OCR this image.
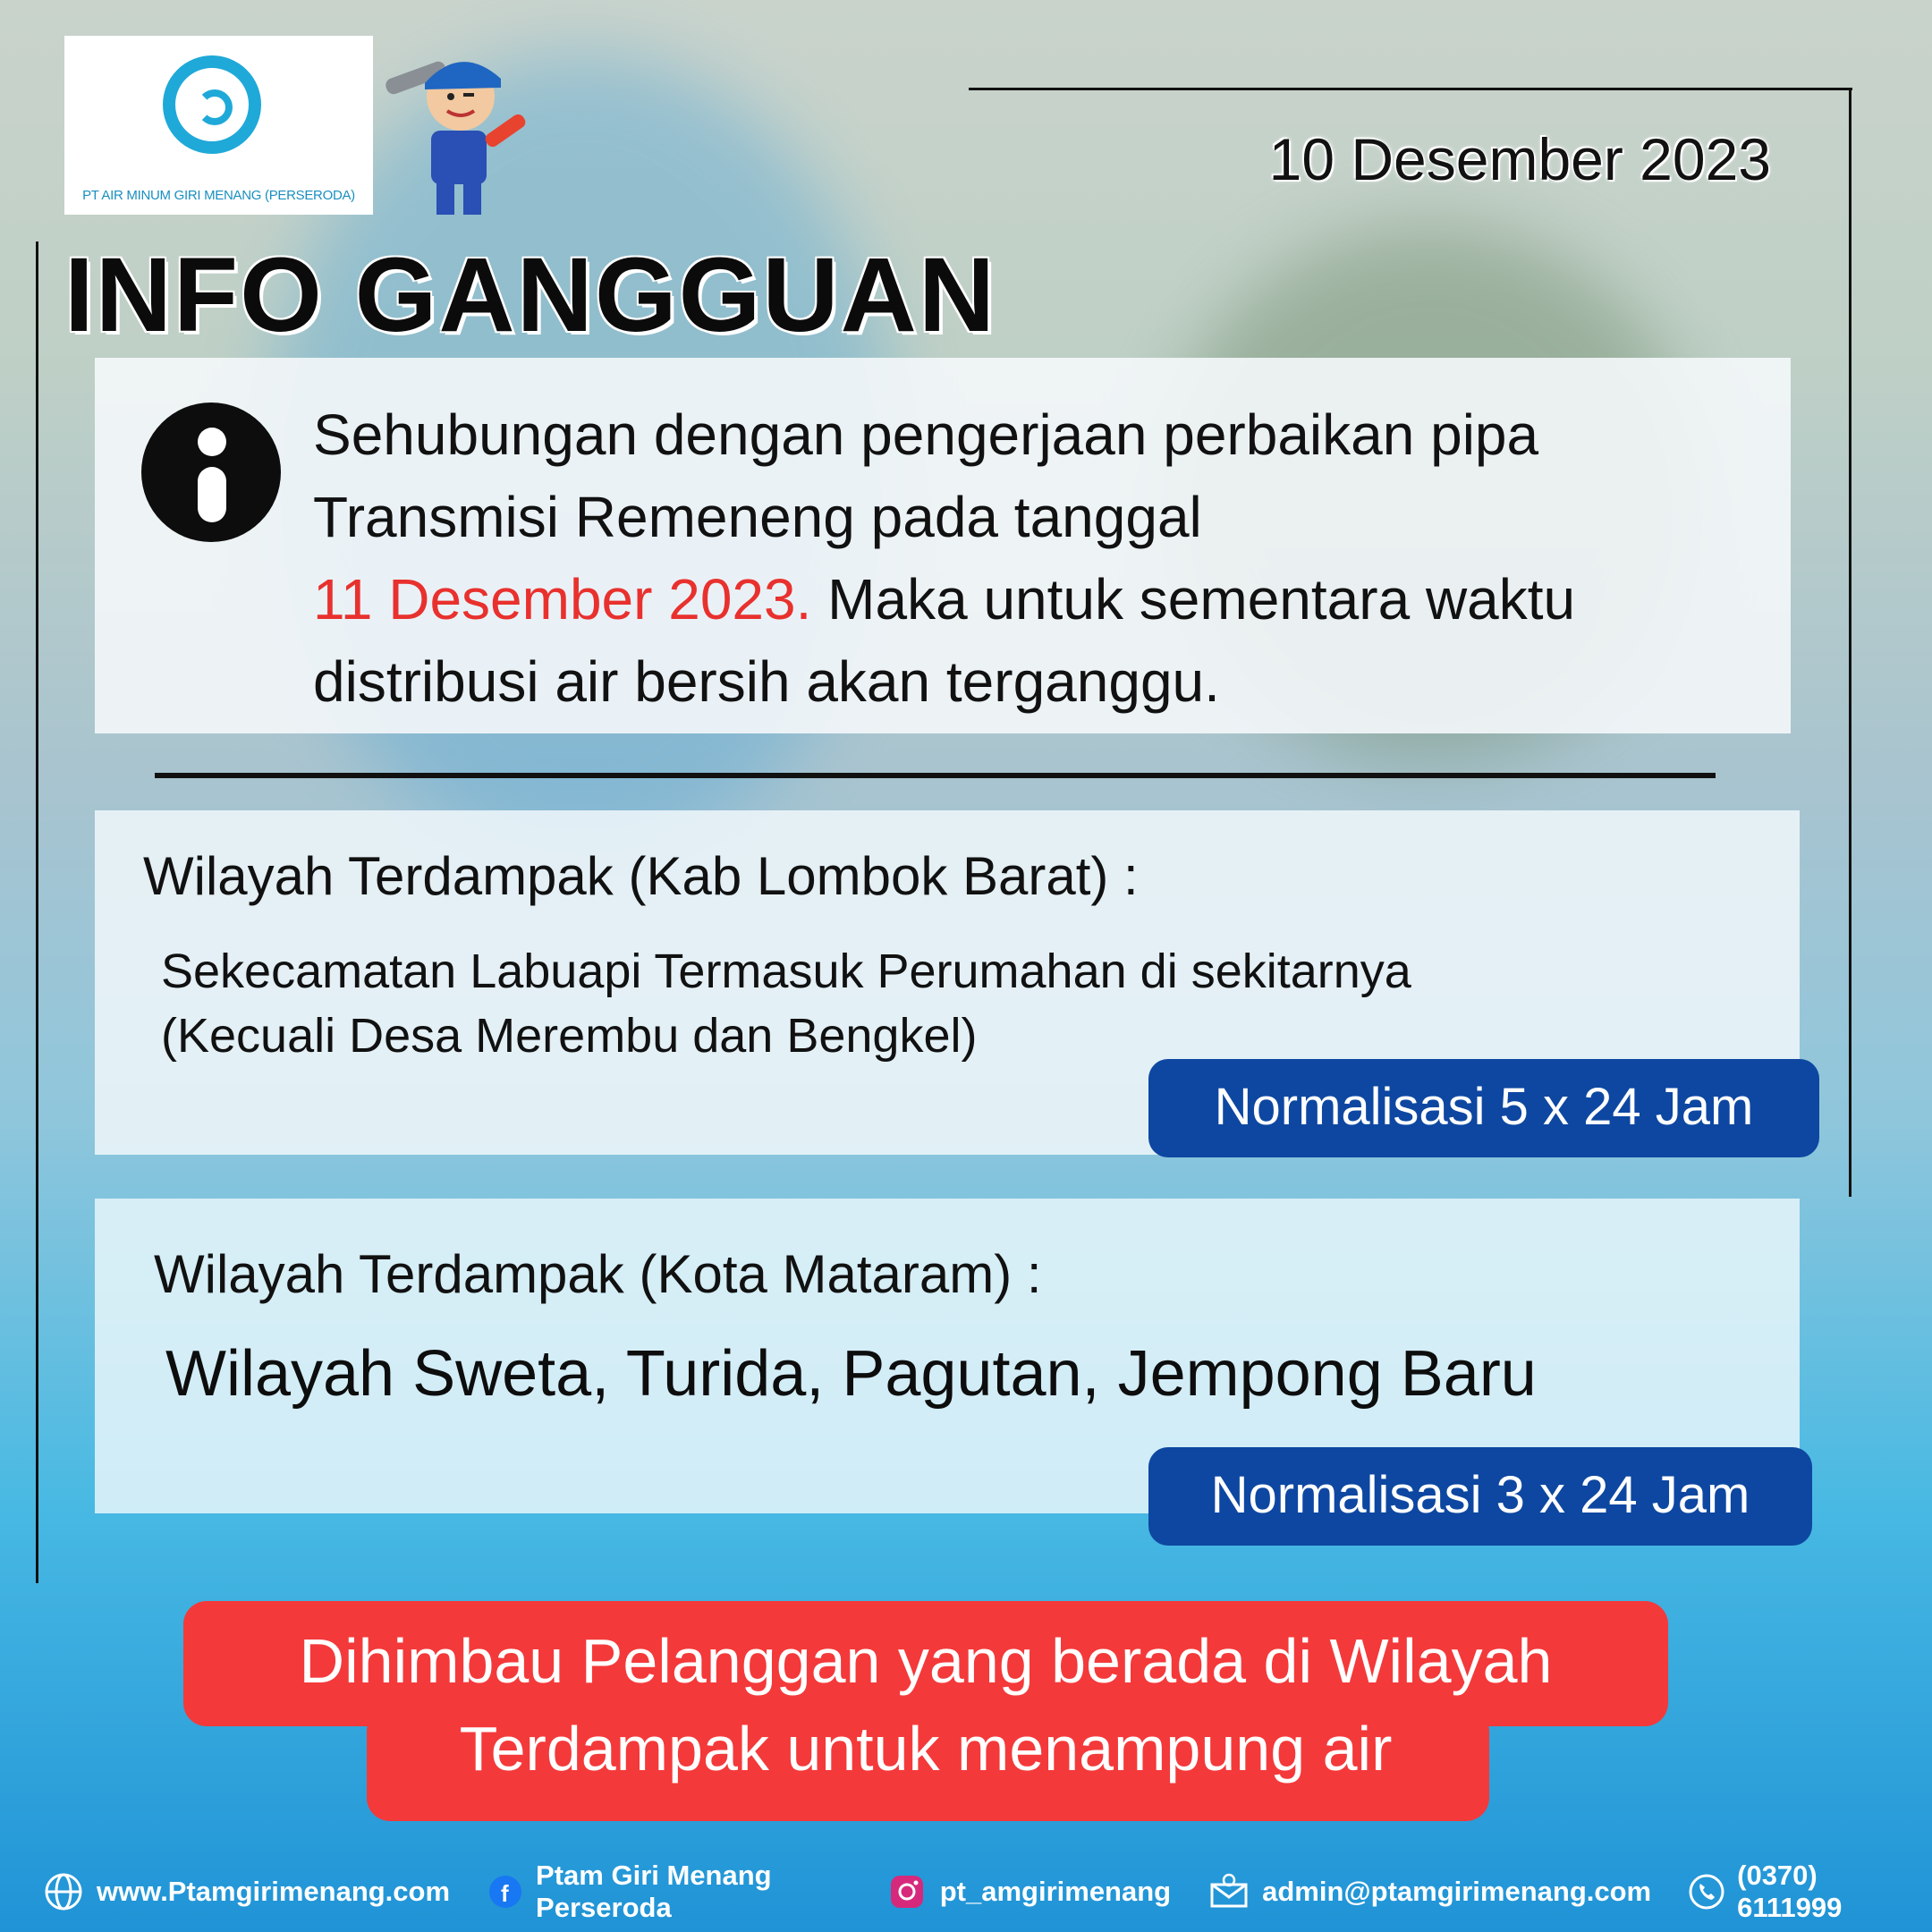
PT AIR MINUM GIRI MENANG (PERSERODA)
10 Desember 2023
INFO GANGGUAN
Sehubungan dengan pengerjaan perbaikan pipa
Transmisi Remeneng pada tanggal
11 Desember 2023. Maka untuk sementara waktu
distribusi air bersih akan terganggu.
Wilayah Terdampak (Kab Lombok Barat) :
Sekecamatan Labuapi Termasuk Perumahan di sekitarnya
(Kecuali Desa Merembu dan Bengkel)
Normalisasi 5 x 24 Jam
Wilayah Terdampak (Kota Mataram) :
Wilayah Sweta, Turida, Pagutan, Jempong Baru
Normalisasi 3 x 24 Jam
Dihimbau Pelanggan yang berada di Wilayah
Terdampak untuk menampung air
www.Ptamgirimenang.com f
Ptam Giri Menang Perseroda
pt_amgirimenang	admin@ptamgirimenang.com
(0370) 6111999
